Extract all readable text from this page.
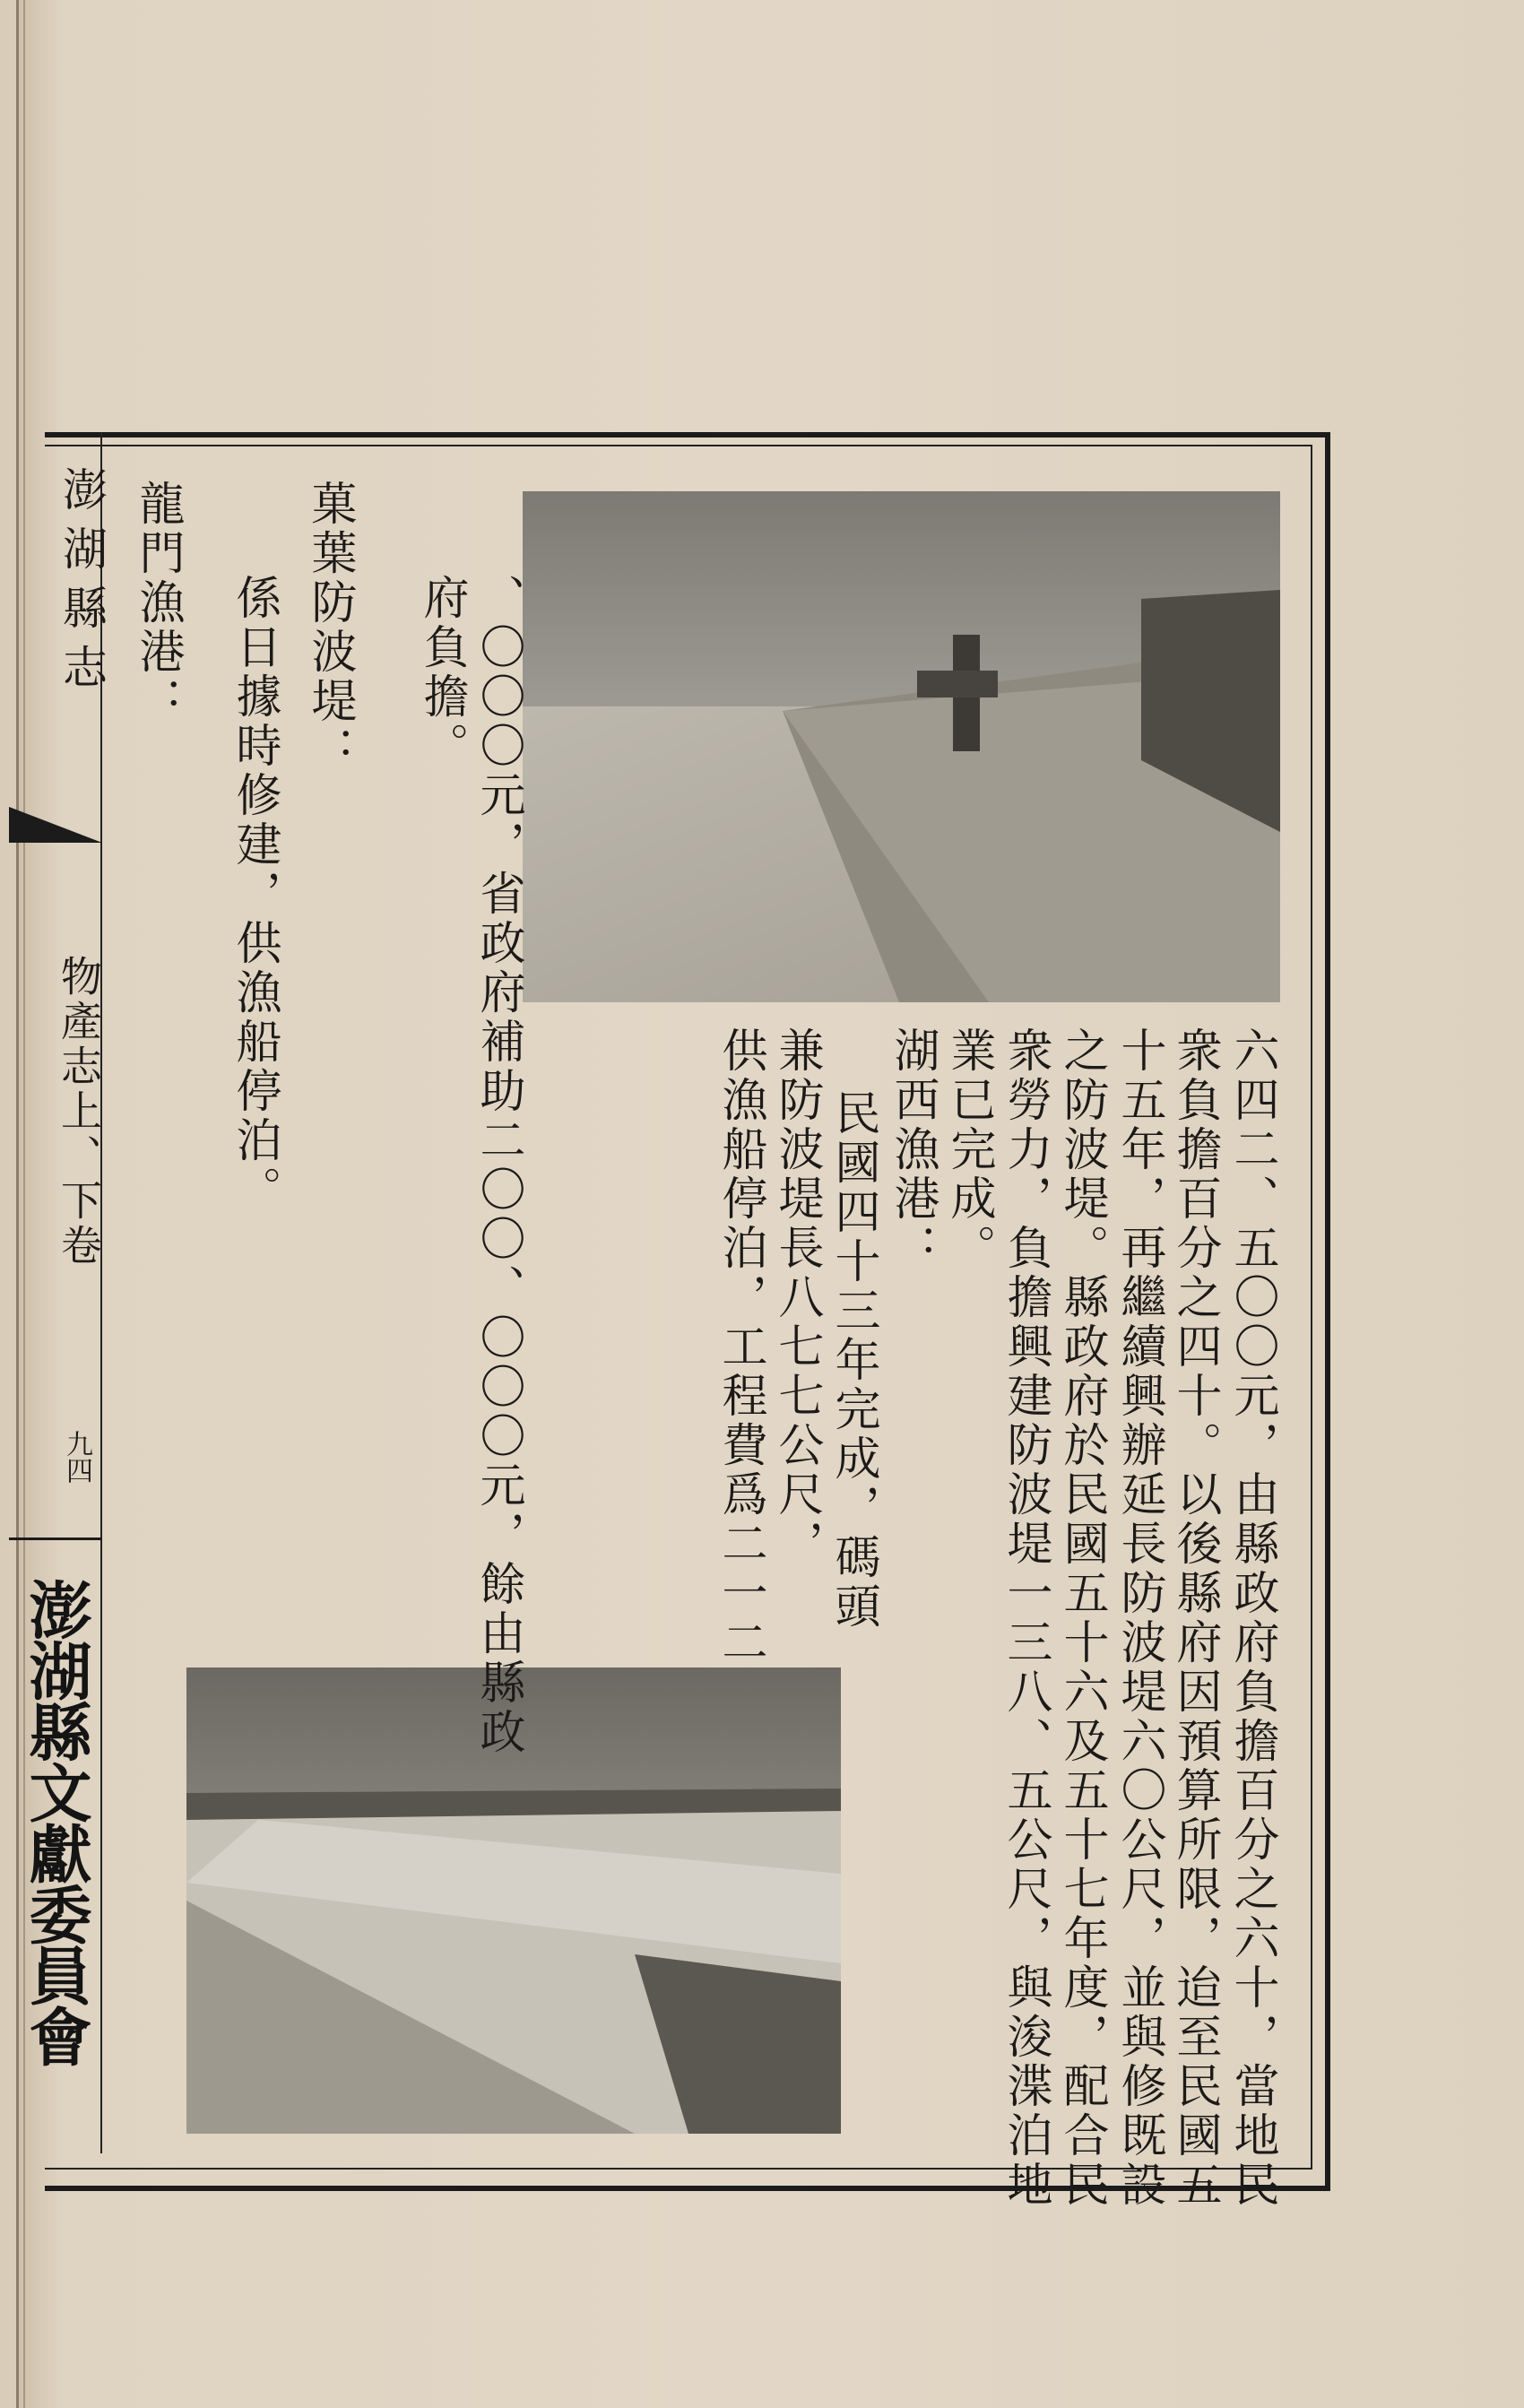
澎湖縣志
物產志上、下卷
九四
澎湖縣文獻委員會	六四二、五〇〇元，由縣政府負擔百分之六十，當地民
衆負擔百分之四十。以後縣府因預算所限，迨至民國五
十五年，再繼續興辦延長防波堤六〇公尺，並與修既設
之防波堤。縣政府於民國五十六及五十七年度，配合民
衆勞力，負擔興建防波堤一三八、五公尺，與浚渫泊地
業已完成。
湖西漁港：
民國四十三年完成，碼頭
兼防波堤長八七七公尺，
供漁船停泊，工程費爲二一二
、〇〇〇元，省政府補助二〇〇、〇〇〇元，餘由縣政
府負擔。
菓葉防波堤：
係日據時修建，供漁船停泊。
龍門漁港：
